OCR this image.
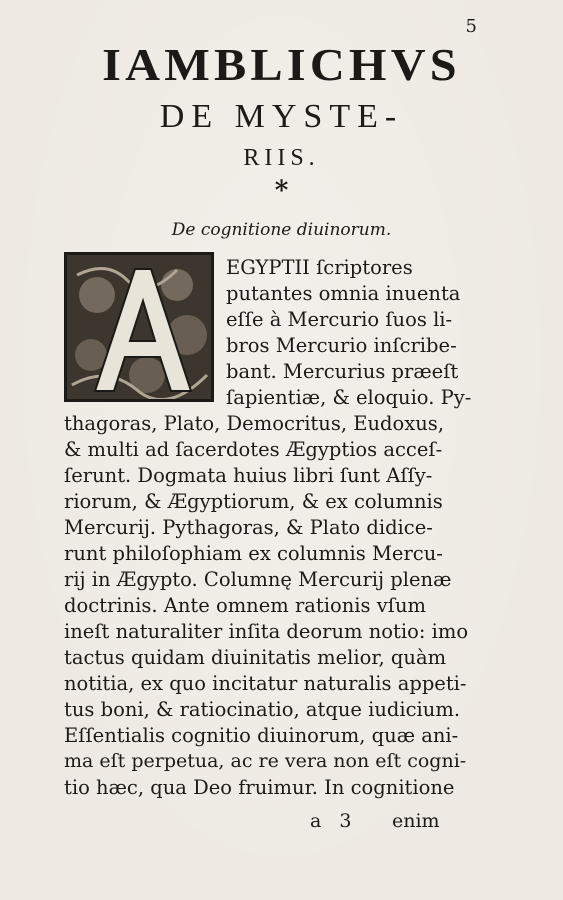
5
IAMBLICHVS
DE MYSTE-
RIIS.
*
De cognitione diuinorum.
EGYPTII ſcriptores
putantes omnia inuenta
eſſe à Mercurio ſuos li-
bros Mercurio inſcribe-
bant. Mercurius præeſt
ſapientiæ, & eloquio. Py-
thagoras, Plato, Democritus, Eudoxus,
& multi ad ſacerdotes Ægyptios acceſ-
ſerunt. Dogmata huius libri ſunt Aſſy-
riorum, & Ægyptiorum, & ex columnis
Mercurij. Pythagoras, & Plato didice-
runt philoſophiam ex columnis Mercu-
rij in Ægypto. Columnę Mercurij plenæ
doctrinis. Ante omnem rationis vſum
ineſt naturaliter inſita deorum notio: imo
tactus quidam diuinitatis melior, quàm
notitia, ex quo incitatur naturalis appeti-
tus boni, & ratiocinatio, atque iudicium.
Eſſentialis cognitio diuinorum, quæ ani-
ma eſt perpetua, ac re vera non eſt cogni-
tio hæc, qua Deo fruimur. In cognitione
a 3 enim
